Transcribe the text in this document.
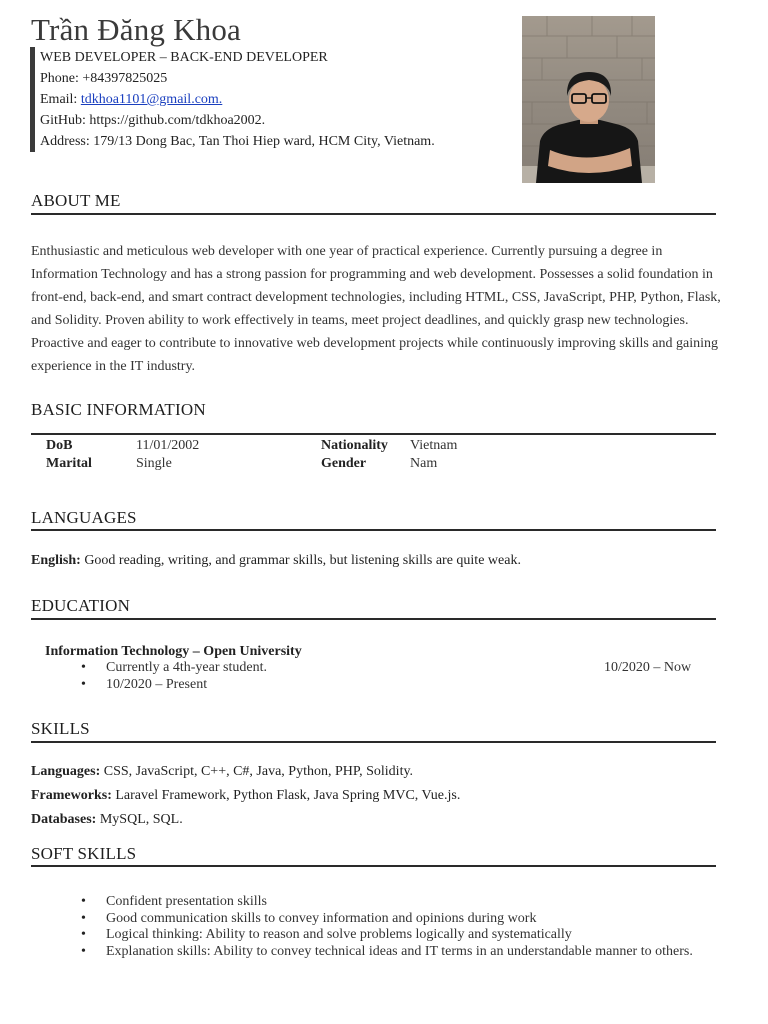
Trần Đăng Khoa
WEB DEVELOPER – BACK-END DEVELOPER
Phone: +84397825025
Email: tdkhoa1101@gmail.com.
GitHub: https://github.com/tdkhoa2002.
Address: 179/13 Dong Bac, Tan Thoi Hiep ward, HCM City, Vietnam.
ABOUT ME
Enthusiastic and meticulous web developer with one year of practical experience. Currently pursuing a degree in Information Technology and has a strong passion for programming and web development. Possesses a solid foundation in front-end, back-end, and smart contract development technologies, including HTML, CSS, JavaScript, PHP, Python, Flask, and Solidity. Proven ability to work effectively in teams, meet project deadlines, and quickly grasp new technologies. Proactive and eager to contribute to innovative web development projects while continuously improving skills and gaining experience in the IT industry.
BASIC INFORMATION
DoB	11/01/2002	Nationality Vietnam
Marital	Single	Gender	Nam
LANGUAGES
English: Good reading, writing, and grammar skills, but listening skills are quite weak.
EDUCATION
Information Technology – Open University
10/2020 – Now
• Currently a 4th-year student.
• 10/2020 – Present
SKILLS
Languages: CSS, JavaScript, C++, C#, Java, Python, PHP, Solidity.
Frameworks: Laravel Framework, Python Flask, Java Spring MVC, Vue.js.
Databases: MySQL, SQL.
SOFT SKILLS
• Confident presentation skills
• Good communication skills to convey information and opinions during work
• Logical thinking: Ability to reason and solve problems logically and systematically
• Explanation skills: Ability to convey technical ideas and IT terms in an understandable manner to others.
